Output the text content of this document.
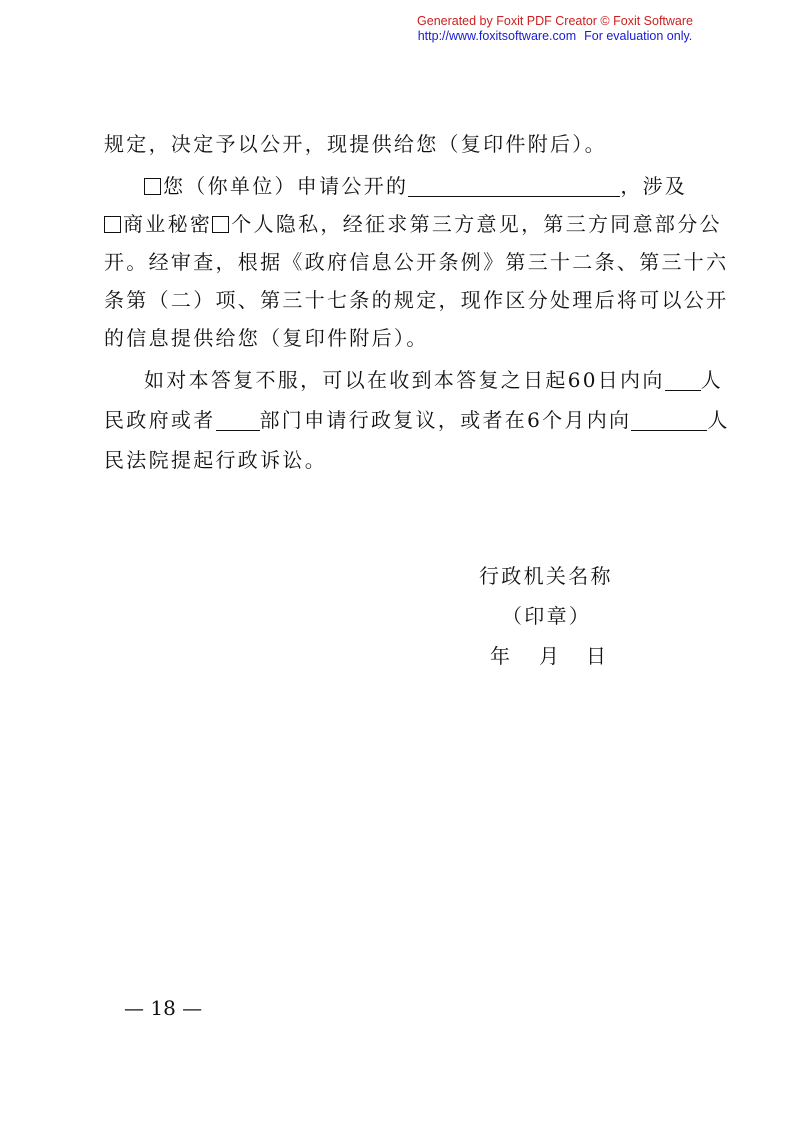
Generated by Foxit PDF Creator © Foxit Software
http://www.foxitsoftware.com For evaluation only.
规定，决定予以公开，现提供给您（复印件附后）。
您（你单位）申请公开的	，涉及
商业秘密 个人隐私，经征求第三方意见，第三方同意部分公
开。经审查，根据《政府信息公开条例》第三十二条、第三十六
条第（二）项、第三十七条的规定，现作区分处理后将可以公开
的信息提供给您（复印件附后）。
如对本答复不服，可以在收到本答复之日起60日内向 人
民政府或者 部门申请行政复议，或者在6个月内向	人
民法院提起行政诉讼。
行政机关名称
（印章）
年 月 日
— 18 —
